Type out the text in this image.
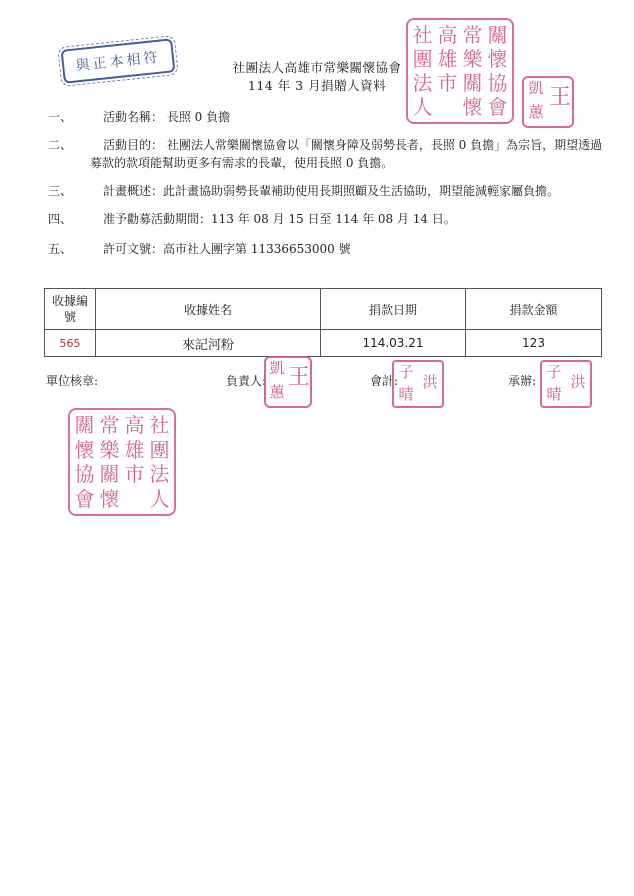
社團法人高雄市常樂關懷協會
114 年 3 月捐贈人資料
與正本相符
社 高 常 關
團 雄 樂 懷
法 市 關 協
人 懷 會
凱 王
蕙
一、	活動名稱： 長照 0 負擔
二、	活動目的： 社團法人常樂關懷協會以「關懷身障及弱勢長者，長照 0 負擔」為宗旨，期望透過募款的款項能幫助更多有需求的長輩，使用長照 0 負擔。
三、	計畫概述：此計畫協助弱勢長輩補助使用長期照顧及生活協助，期望能減輕家屬負擔。
四、	准予勸募活動期間：113 年 08 月 15 日至 114 年 08 月 14 日。
五、	許可文號：高市社人團字第 11336653000 號
收據編號	收據姓名	捐款日期	捐款金額
565	來記河粉	114.03.21	123
單位核章:	負責人:	會計:	承辦:
凱 王
蕙
子
洪
晴
子
洪
晴
關 常 高 社
懷 樂 雄 團
協 關 市 法
會 懷 人
